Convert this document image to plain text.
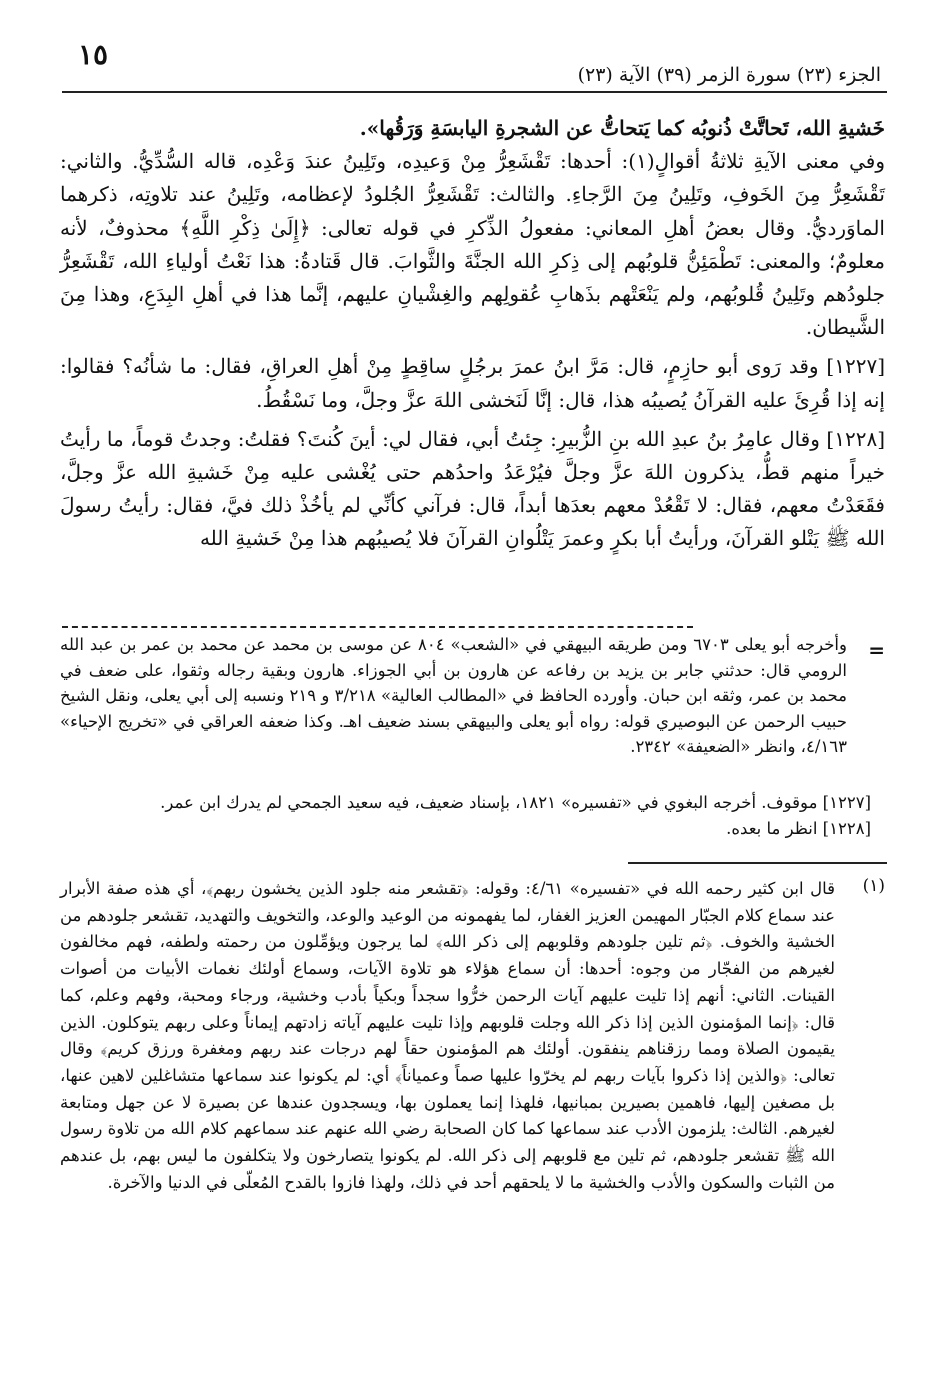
١٥
الجزء (٢٣) سورة الزمر (٣٩) الآية (٢٣)

خَشيةِ الله، تَحاتَّتْ ذُنوبُه كما يَتحاتُّ عن الشجرةِ اليابسَةِ وَرَقُها».

وفي معنى الآيةِ ثلاثةُ أقوالٍ(١): أحدها: تَقْشَعِرُّ مِنْ وَعيدِه، وتَلِينُ عندَ وَعْدِه، قاله السُّدِّيُّ. والثاني: تَقْشَعِرُّ مِنَ الخَوفِ، وتَلِينُ مِنَ الرَّجاءِ. والثالث: تَقْشَعِرُّ الجُلودُ لإعظامه، وتَلِينُ عند تلاوتِه، ذكرهما الماوَرديُّ. وقال بعضُ أهلِ المعاني: مفعولُ الذِّكرِ في قوله تعالى: ﴿إِلَىٰ ذِكْرِ اللَّهِ﴾ محذوفٌ، لأنه معلومٌ؛ والمعنى: تَطْمَئِنُّ قلوبُهم إلى ذِكرِ الله الجنَّةَ والثَّوابَ. قال قَتادةُ: هذا نَعْتُ أولياءِ الله، تَقْشَعِرُّ جلودُهم وتَلِينُ قُلوبُهم، ولم يَنْعَتْهم بذَهابِ عُقولِهم والغِشْيانِ عليهم، إنَّما هذا في أهلِ البِدَعِ، وهذا مِنَ الشَّيطان.

[١٢٢٧] وقد رَوى أبو حازِمٍ، قال: مَرَّ ابنُ عمرَ برجُلٍ ساقِطٍ مِنْ أهلِ العراقِ، فقال: ما شأنُه؟ فقالوا: إنه إذا قُرِئَ عليه القرآنُ يُصيبُه هذا، قال: إنَّا لَنَخشى اللهَ عزَّ وجلَّ، وما نَسْقُطُ.

[١٢٢٨] وقال عامِرُ بنُ عبدِ الله بنِ الزُّبيرِ: جِئتُ أبي، فقال لي: أينَ كُنتَ؟ فقلتُ: وجدتُ قوماً، ما رأيتُ خيراً منهم قطُّ، يذكرون اللهَ عزَّ وجلَّ فيُرْعَدُ واحدُهم حتى يُغْشى عليه مِنْ خَشيةِ الله عزَّ وجلَّ، فقَعَدْتُ معهم، فقال: لا تَقْعُدْ معهم بعدَها أبداً، قال: فرآني كأنِّي لم يأخُذْ ذلك فيَّ، فقال: رأيتُ رسولَ الله ﷺ يَتْلو القرآنَ، ورأيتُ أبا بكرٍ وعمرَ يَتْلُوانِ القرآنَ فلا يُصيبُهم هذا مِنْ خَشيةِ الله

=

وأخرجه أبو يعلى ٦٧٠٣ ومن طريقه البيهقي في «الشعب» ٨٠٤ عن موسى بن محمد عن محمد بن عمر بن عبد الله الرومي قال: حدثني جابر بن يزيد بن رفاعه عن هارون بن أبي الجوزاء. هارون وبقية رجاله وثقوا، على ضعف في محمد بن عمر، وثقه ابن حبان. وأورده الحافظ في «المطالب العالية» ٣/٢١٨ و ٢١٩ ونسبه إلى أبي يعلى، ونقل الشيخ حبيب الرحمن عن البوصيري قوله: رواه أبو يعلى والبيهقي بسند ضعيف اهـ. وكذا ضعفه العراقي في «تخريج الإحياء» ٤/١٦٣، وانظر «الضعيفة» ٢٣٤٢.

[١٢٢٧] موقوف. أخرجه البغوي في «تفسيره» ١٨٢١، بإسناد ضعيف، فيه سعيد الجمحي لم يدرك ابن عمر.

[١٢٢٨] انظر ما بعده.

(١)

قال ابن كثير رحمه الله في «تفسيره» ٤/٦١: وقوله: ﴿تقشعر منه جلود الذين يخشون ربهم﴾، أي هذه صفة الأبرار عند سماع كلام الجبّار المهيمن العزيز الغفار، لما يفهمونه من الوعيد والوعد، والتخويف والتهديد، تقشعر جلودهم من الخشية والخوف. ﴿ثم تلين جلودهم وقلوبهم إلى ذكر الله﴾ لما يرجون ويؤمِّلون من رحمته ولطفه، فهم مخالفون لغيرهم من الفجّار من وجوه: أحدها: أن سماع هؤلاء هو تلاوة الآيات، وسماع أولئك نغمات الأبيات من أصوات القينات. الثاني: أنهم إذا تليت عليهم آيات الرحمن خرُّوا سجداً وبكياً بأدب وخشية، ورجاء ومحبة، وفهم وعلم، كما قال: ﴿إنما المؤمنون الذين إذا ذكر الله وجلت قلوبهم وإذا تليت عليهم آياته زادتهم إيماناً وعلى ربهم يتوكلون. الذين يقيمون الصلاة ومما رزقناهم ينفقون. أولئك هم المؤمنون حقاً لهم درجات عند ربهم ومغفرة ورزق كريم﴾ وقال تعالى: ﴿والذين إذا ذكروا بآيات ربهم لم يخرّوا عليها صماً وعمياناً﴾ أي: لم يكونوا عند سماعها متشاغلين لاهين عنها، بل مصغين إليها، فاهمين بصيرين بمبانيها، فلهذا إنما يعملون بها، ويسجدون عندها عن بصيرة لا عن جهل ومتابعة لغيرهم. الثالث: يلزمون الأدب عند سماعها كما كان الصحابة رضي الله عنهم عند سماعهم كلام الله من تلاوة رسول الله ﷺ تقشعر جلودهم، ثم تلين مع قلوبهم إلى ذكر الله. لم يكونوا يتصارخون ولا يتكلفون ما ليس بهم، بل عندهم من الثبات والسكون والأدب والخشية ما لا يلحقهم أحد في ذلك، ولهذا فازوا بالقدح المُعلّى في الدنيا والآخرة.
